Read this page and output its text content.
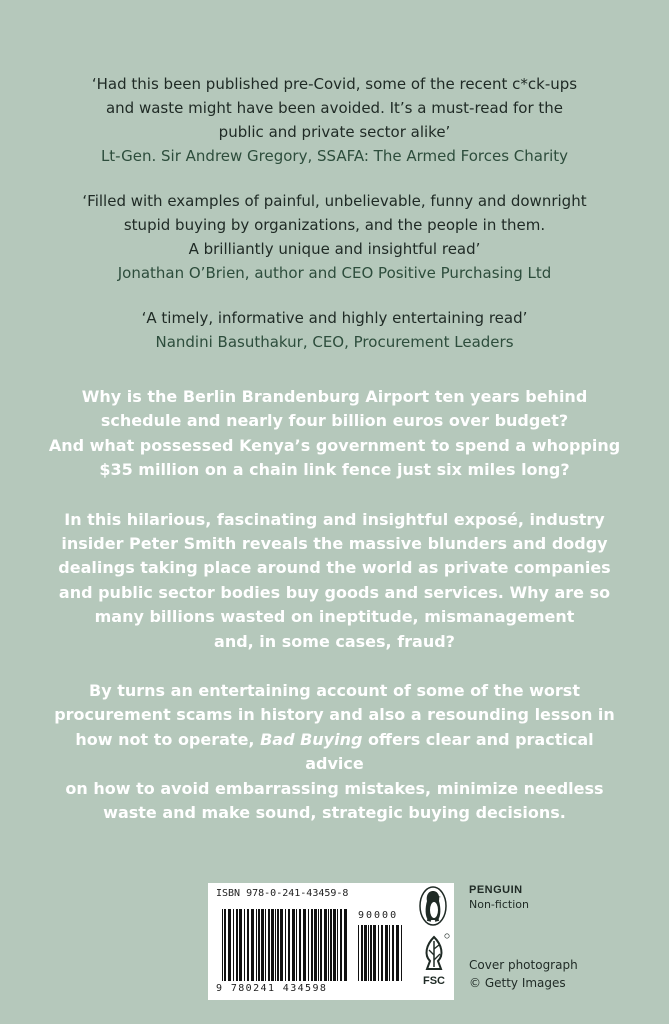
‘Had this been published pre-Covid, some of the recent c*ck-ups

and waste might have been avoided. It’s a must-read for the

public and private sector alike’

Lt-Gen. Sir Andrew Gregory, SSAFA: The Armed Forces Charity

‘Filled with examples of painful, unbelievable, funny and downright

stupid buying by organizations, and the people in them.

A brilliantly unique and insightful read’

Jonathan O’Brien, author and CEO Positive Purchasing Ltd

‘A timely, informative and highly entertaining read’

Nandini Basuthakur, CEO, Procurement Leaders

Why is the Berlin Brandenburg Airport ten years behind
schedule and nearly four billion euros over budget?
And what possessed Kenya’s government to spend a whopping
$35 million on a chain link fence just six miles long?

In this hilarious, fascinating and insightful exposé, industry
insider Peter Smith reveals the massive blunders and dodgy
dealings taking place around the world as private companies
and public sector bodies buy goods and services. Why are so
many billions wasted on ineptitude, mismanagement
and, in some cases, fraud?

By turns an entertaining account of some of the worst
procurement scams in history and also a resounding lesson in
how not to operate, Bad Buying offers clear and practical advice
on how to avoid embarrassing mistakes, minimize needless
waste and make sound, strategic buying decisions.

ISBN 978-0-241-43459-8
90000
9 780241 434598
FSC
PENGUIN
Non-fiction
Cover photograph
© Getty Images
